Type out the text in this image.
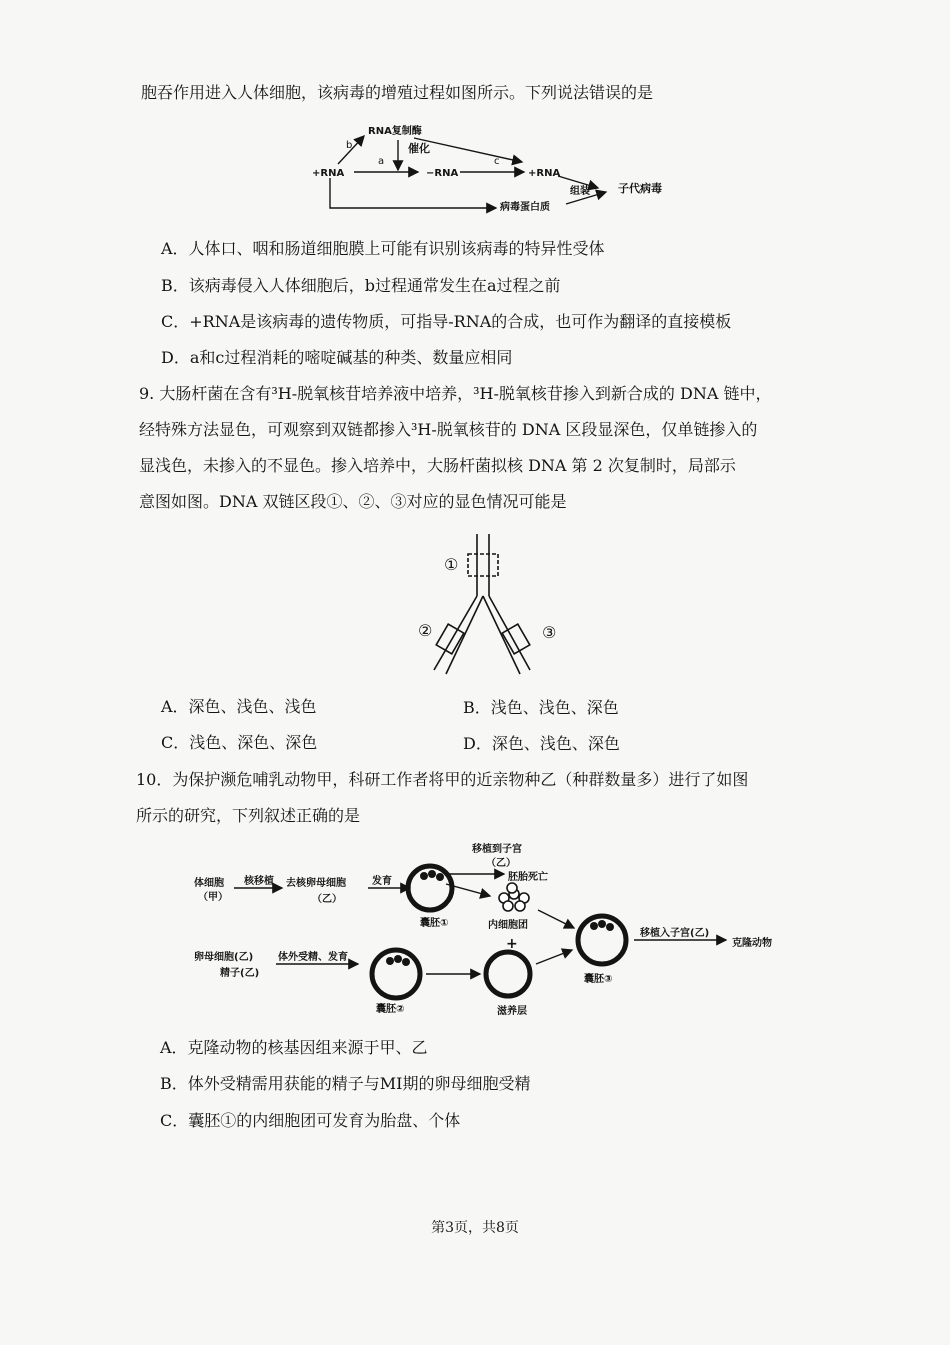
胞吞作用进入人体细胞，该病毒的增殖过程如图所示。下列说法错误的是
RNA复制酶
催化
b
a	c
+RNA	−RNA	+RNA
组装	子代病毒
病毒蛋白质
A．人体口、咽和肠道细胞膜上可能有识别该病毒的特异性受体
B．该病毒侵入人体细胞后，b过程通常发生在a过程之前
C．+RNA是该病毒的遗传物质，可指导-RNA的合成，也可作为翻译的直接模板
D．a和c过程消耗的嘧啶碱基的种类、数量应相同
9. 大肠杆菌在含有³H-脱氧核苷培养液中培养，³H-脱氧核苷掺入到新合成的 DNA 链中，
经特殊方法显色，可观察到双链都掺入³H-脱氧核苷的 DNA 区段显深色，仅单链掺入的
显浅色，未掺入的不显色。掺入培养中，大肠杆菌拟核 DNA 第 2 次复制时，局部示
意图如图。DNA 双链区段①、②、③对应的显色情况可能是
①
②	③
A．深色、浅色、浅色	B．浅色、浅色、深色
C．浅色、深色、深色	D．深色、浅色、深色
10．为保护濒危哺乳动物甲，科研工作者将甲的近亲物种乙（种群数量多）进行了如图
所示的研究，下列叙述正确的是
体细胞
（甲）
核移植 去核卵母细胞
（乙）
发育
移植到子宫
（乙）
胚胎死亡
内细胞团
囊胚①
卵母细胞(乙)
精子(乙)
体外受精、发育
囊胚②	滋养层
囊胚③
移植入子宫(乙)
克隆动物
+
A．克隆动物的核基因组来源于甲、乙
B．体外受精需用获能的精子与MⅠ期的卵母细胞受精
C．囊胚①的内细胞团可发育为胎盘、个体
第3页，共8页
